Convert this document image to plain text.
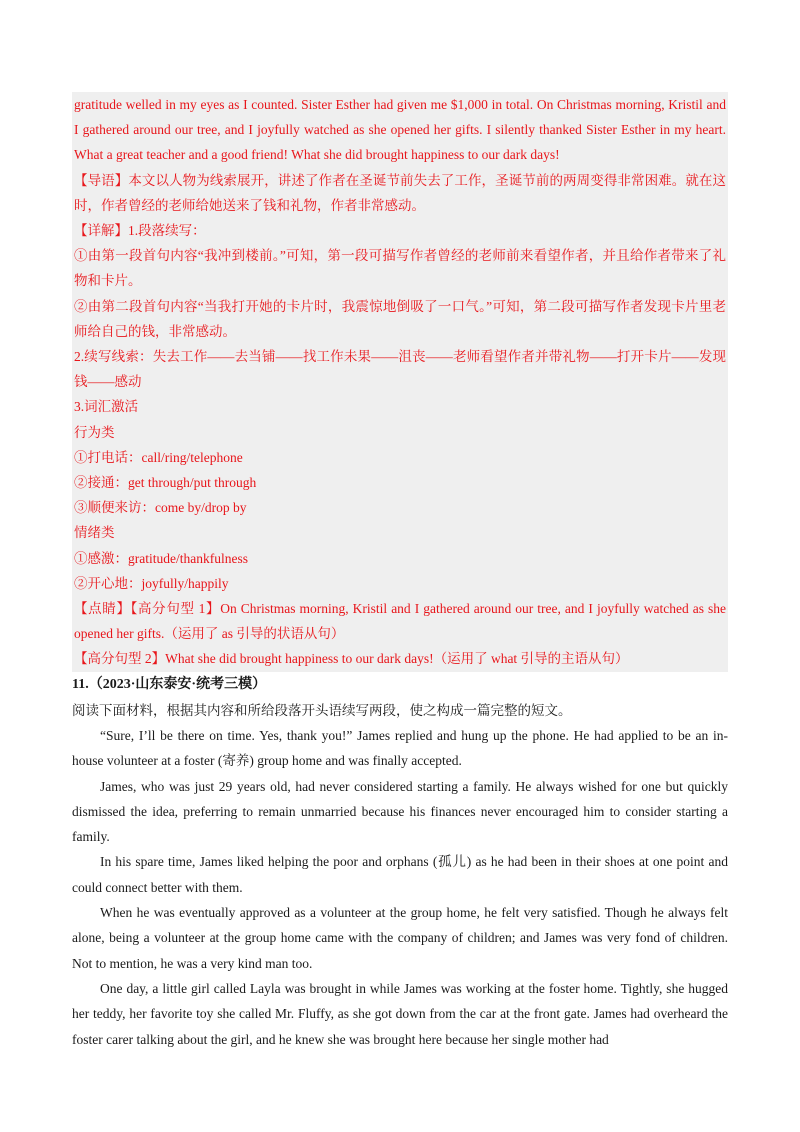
gratitude welled in my eyes as I counted. Sister Esther had given me $1,000 in total. On Christmas morning, Kristil and I gathered around our tree, and I joyfully watched as she opened her gifts. I silently thanked Sister Esther in my heart. What a great teacher and a good friend! What she did brought happiness to our dark days!

【导语】本文以人物为线索展开，讲述了作者在圣诞节前失去了工作，圣诞节前的两周变得非常困难。就在这时，作者曾经的老师给她送来了钱和礼物，作者非常感动。

【详解】1.段落续写：

①由第一段首句内容“我冲到楼前。”可知，第一段可描写作者曾经的老师前来看望作者，并且给作者带来了礼物和卡片。

②由第二段首句内容“当我打开她的卡片时，我震惊地倒吸了一口气。”可知，第二段可描写作者发现卡片里老师给自己的钱，非常感动。

2.续写线索：失去工作——去当铺——找工作未果——沮丧——老师看望作者并带礼物——打开卡片——发现钱——感动

3.词汇激活

行为类

①打电话：call/ring/telephone

②接通：get through/put through

③顺便来访：come by/drop by

情绪类

①感激：gratitude/thankfulness

②开心地：joyfully/happily

【点睛】【高分句型 1】On Christmas morning, Kristil and I gathered around our tree, and I joyfully watched as she opened her gifts.（运用了 as 引导的状语从句）

【高分句型 2】What she did brought happiness to our dark days!（运用了 what 引导的主语从句）

11.（2023·山东泰安·统考三模）

阅读下面材料，根据其内容和所给段落开头语续写两段，使之构成一篇完整的短文。

“Sure, I’ll be there on time. Yes, thank you!” James replied and hung up the phone. He had applied to be an in-house volunteer at a foster (寄养) group home and was finally accepted.

James, who was just 29 years old, had never considered starting a family. He always wished for one but quickly dismissed the idea, preferring to remain unmarried because his finances never encouraged him to consider starting a family.

In his spare time, James liked helping the poor and orphans (孤儿) as he had been in their shoes at one point and could connect better with them.

When he was eventually approved as a volunteer at the group home, he felt very satisfied. Though he always felt alone, being a volunteer at the group home came with the company of children; and James was very fond of children. Not to mention, he was a very kind man too.

One day, a little girl called Layla was brought in while James was working at the foster home. Tightly, she hugged her teddy, her favorite toy she called Mr. Fluffy, as she got down from the car at the front gate. James had overheard the foster carer talking about the girl, and he knew she was brought here because her single mother had
